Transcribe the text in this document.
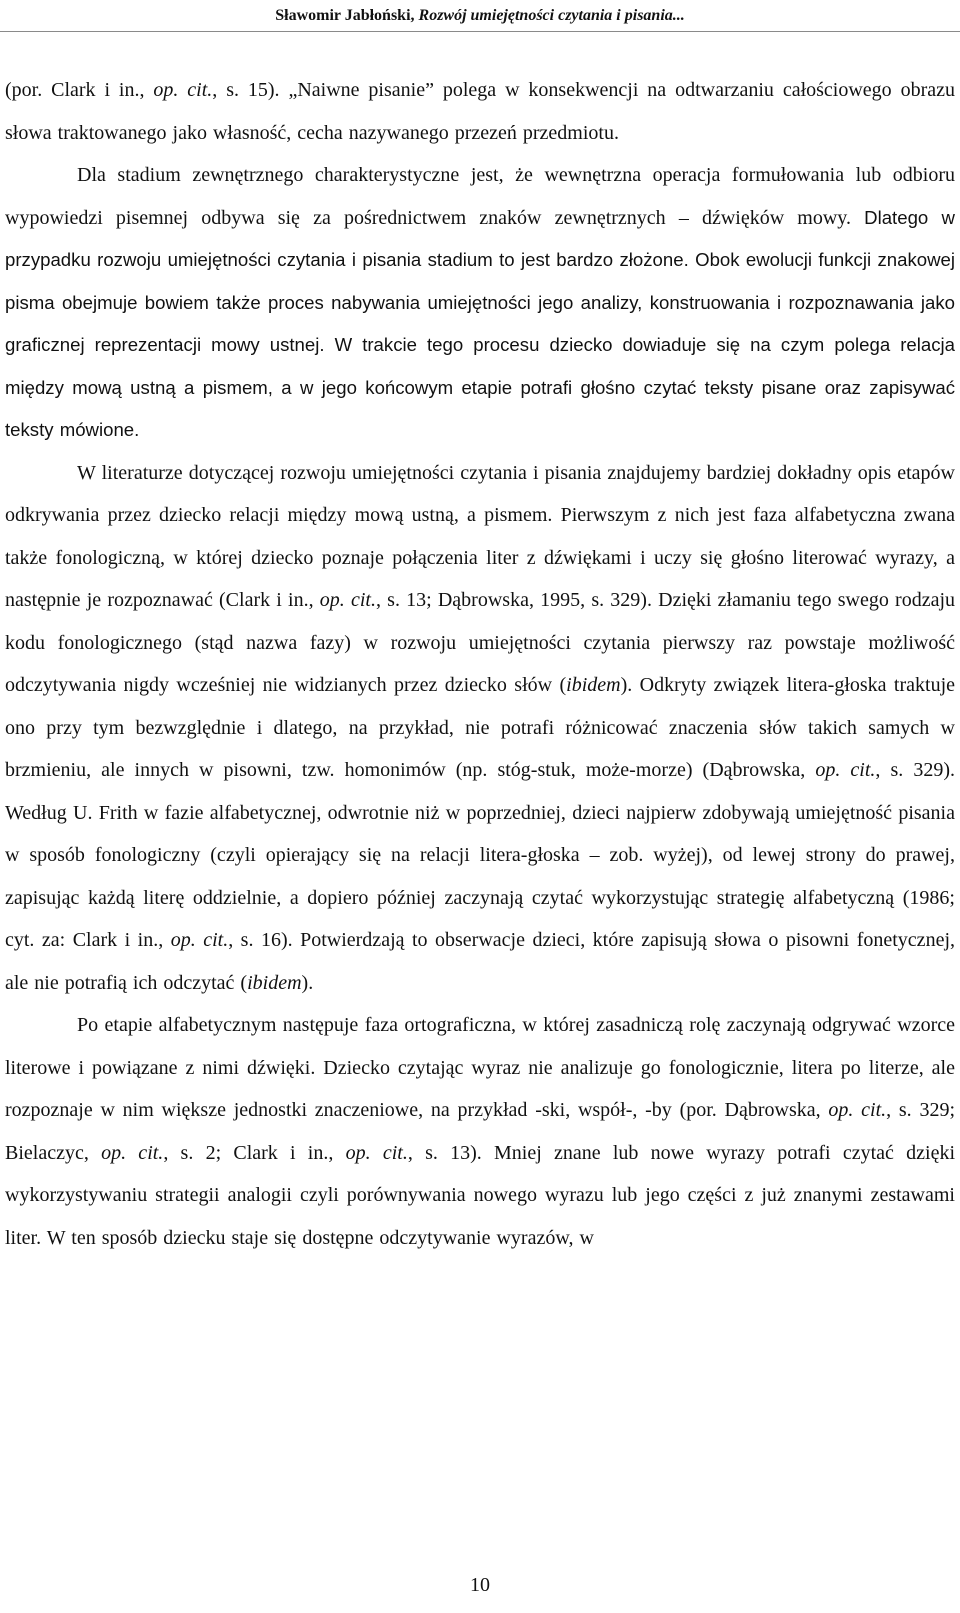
Sławomir Jabłoński, Rozwój umiejętności czytania i pisania...

(por. Clark i in., op. cit., s. 15). „Naiwne pisanie” polega w konsekwencji na odtwarzaniu całościowego obrazu słowa traktowanego jako własność, cecha nazywanego przezeń przedmiotu.

Dla stadium zewnętrznego charakterystyczne jest, że wewnętrzna operacja formułowania lub odbioru wypowiedzi pisemnej odbywa się za pośrednictwem znaków zewnętrznych – dźwięków mowy. Dlatego w przypadku rozwoju umiejętności czytania i pisania stadium to jest bardzo złożone. Obok ewolucji funkcji znakowej pisma obejmuje bowiem także proces nabywania umiejętności jego analizy, konstruowania i rozpoznawania jako graficznej reprezentacji mowy ustnej. W trakcie tego procesu dziecko dowiaduje się na czym polega relacja między mową ustną a pismem, a w jego końcowym etapie potrafi głośno czytać teksty pisane oraz zapisywać teksty mówione.

W literaturze dotyczącej rozwoju umiejętności czytania i pisania znajdujemy bardziej dokładny opis etapów odkrywania przez dziecko relacji między mową ustną, a pismem. Pierwszym z nich jest faza alfabetyczna zwana także fonologiczną, w której dziecko poznaje połączenia liter z dźwiękami i uczy się głośno literować wyrazy, a następnie je rozpoznawać (Clark i in., op. cit., s. 13; Dąbrowska, 1995, s. 329). Dzięki złamaniu tego swego rodzaju kodu fonologicznego (stąd nazwa fazy) w rozwoju umiejętności czytania pierwszy raz powstaje możliwość odczytywania nigdy wcześniej nie widzianych przez dziecko słów (ibidem). Odkryty związek litera-głoska traktuje ono przy tym bezwzględnie i dlatego, na przykład, nie potrafi różnicować znaczenia słów takich samych w brzmieniu, ale innych w pisowni, tzw. homonimów (np. stóg-stuk, może-morze) (Dąbrowska, op. cit., s. 329). Według U. Frith w fazie alfabetycznej, odwrotnie niż w poprzedniej, dzieci najpierw zdobywają umiejętność pisania w sposób fonologiczny (czyli opierający się na relacji litera-głoska – zob. wyżej), od lewej strony do prawej, zapisując każdą literę oddzielnie, a dopiero później zaczynają czytać wykorzystując strategię alfabetyczną (1986; cyt. za: Clark i in., op. cit., s. 16). Potwierdzają to obserwacje dzieci, które zapisują słowa o pisowni fonetycznej, ale nie potrafią ich odczytać (ibidem).

Po etapie alfabetycznym następuje faza ortograficzna, w której zasadniczą rolę zaczynają odgrywać wzorce literowe i powiązane z nimi dźwięki. Dziecko czytając wyraz nie analizuje go fonologicznie, litera po literze, ale rozpoznaje w nim większe jednostki znaczeniowe, na przykład -ski, współ-, -by (por. Dąbrowska, op. cit., s. 329; Bielaczyc, op. cit., s. 2; Clark i in., op. cit., s. 13). Mniej znane lub nowe wyrazy potrafi czytać dzięki wykorzystywaniu strategii analogii czyli porównywania nowego wyrazu lub jego części z już znanymi zestawami liter. W ten sposób dziecku staje się dostępne odczytywanie wyrazów, w

10
